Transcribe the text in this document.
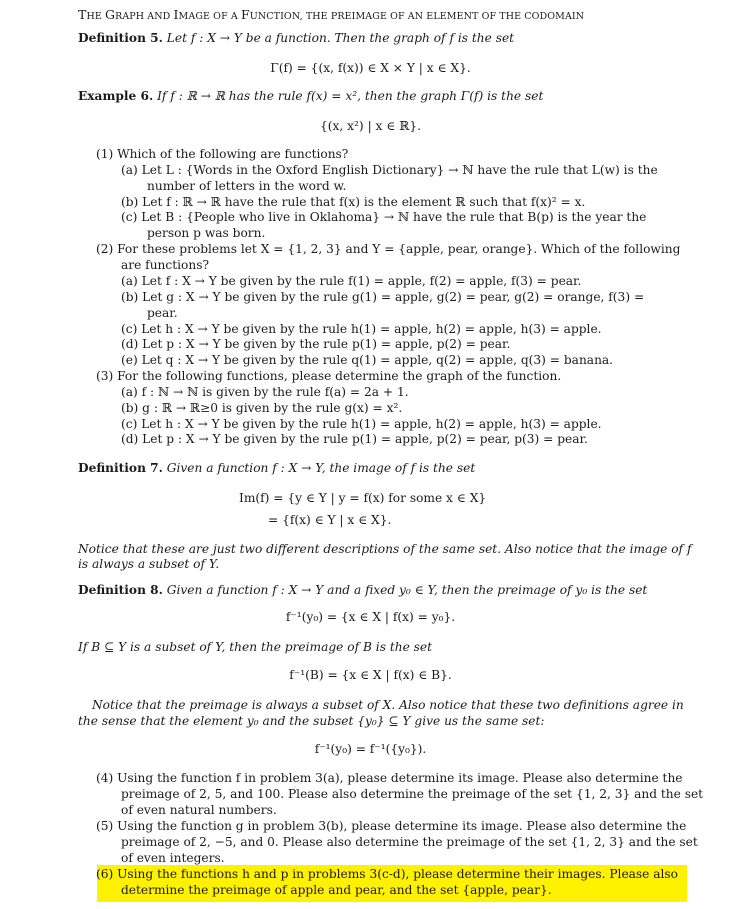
THE GRAPH AND IMAGE OF A FUNCTION, THE PREIMAGE OF AN ELEMENT OF THE CODOMAIN
Definition 5. Let f : X → Y be a function. Then the graph of f is the set
Γ(f) = {(x, f(x)) ∈ X × Y | x ∈ X}.
Example 6. If f : ℝ → ℝ has the rule f(x) = x², then the graph Γ(f) is the set
{(x, x²) | x ∈ ℝ}.
(1) Which of the following are functions?
(a) Let L : {Words in the Oxford English Dictionary} → ℕ have the rule that L(w) is the
number of letters in the word w.
(b) Let f : ℝ → ℝ have the rule that f(x) is the element ℝ such that f(x)² = x.
(c) Let B : {People who live in Oklahoma} → ℕ have the rule that B(p) is the year the
person p was born.
(2) For these problems let X = {1, 2, 3} and Y = {apple, pear, orange}. Which of the following
are functions?
(a) Let f : X → Y be given by the rule f(1) = apple, f(2) = apple, f(3) = pear.
(b) Let g : X → Y be given by the rule g(1) = apple, g(2) = pear, g(2) = orange, f(3) =
pear.
(c) Let h : X → Y be given by the rule h(1) = apple, h(2) = apple, h(3) = apple.
(d) Let p : X → Y be given by the rule p(1) = apple, p(2) = pear.
(e) Let q : X → Y be given by the rule q(1) = apple, q(2) = apple, q(3) = banana.
(3) For the following functions, please determine the graph of the function.
(a) f : ℕ → ℕ is given by the rule f(a) = 2a + 1.
(b) g : ℝ → ℝ≥0 is given by the rule g(x) = x².
(c) Let h : X → Y be given by the rule h(1) = apple, h(2) = apple, h(3) = apple.
(d) Let p : X → Y be given by the rule p(1) = apple, p(2) = pear, p(3) = pear.
Definition 7. Given a function f : X → Y, the image of f is the set
Im(f) = {y ∈ Y | y = f(x) for some x ∈ X}
= {f(x) ∈ Y | x ∈ X}.
Notice that these are just two different descriptions of the same set. Also notice that the image of f
is always a subset of Y.
Definition 8. Given a function f : X → Y and a fixed y₀ ∈ Y, then the preimage of y₀ is the set
f⁻¹(y₀) = {x ∈ X | f(x) = y₀}.
If B ⊆ Y is a subset of Y, then the preimage of B is the set
f⁻¹(B) = {x ∈ X | f(x) ∈ B}.
Notice that the preimage is always a subset of X. Also notice that these two definitions agree in
the sense that the element y₀ and the subset {y₀} ⊆ Y give us the same set:
f⁻¹(y₀) = f⁻¹({y₀}).
(4) Using the function f in problem 3(a), please determine its image. Please also determine the
preimage of 2, 5, and 100. Please also determine the preimage of the set {1, 2, 3} and the set
of even natural numbers.
(5) Using the function g in problem 3(b), please determine its image. Please also determine the
preimage of 2, −5, and 0. Please also determine the preimage of the set {1, 2, 3} and the set
of even integers.
(6) Using the functions h and p in problems 3(c-d), please determine their images. Please also
determine the preimage of apple and pear, and the set {apple, pear}.
